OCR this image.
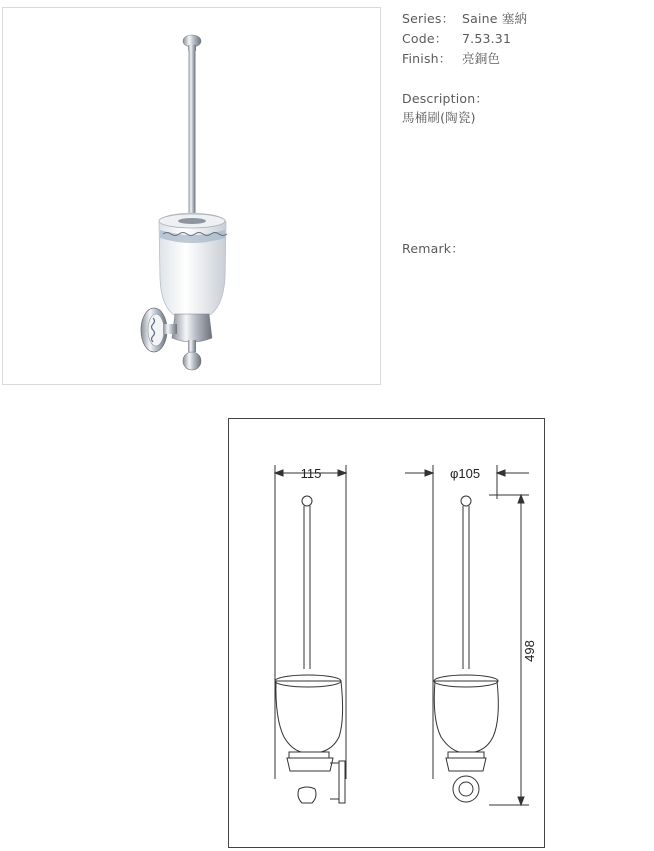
Series： Saine 塞納
Code： 7.53.31
Finish： 亮銅色
Description：
馬桶刷(陶瓷)
Remark：
115	φ105
498
